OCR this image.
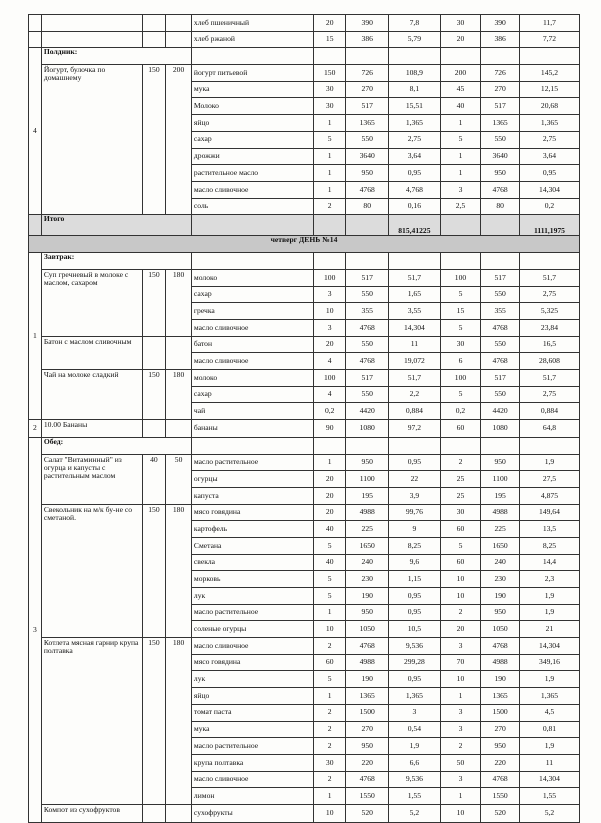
				хлеб пшеничный	20	390	7,8	30	390	11,7
				хлеб ржаной	15	386	5,79	20	386	7,72
4	Полдник:									
	Йогурт, булочка по домашнему	150	200	йогурт питьевой	150	726	108,9	200	726	145,2
				мука	30	270	8,1	45	270	12,15
				Молоко	30	517	15,51	40	517	20,68
				яйцо	1	1365	1,365	1	1365	1,365
				сахар	5	550	2,75	5	550	2,75
				дрожжи	1	3640	3,64	1	3640	3,64
				растительное масло	1	950	0,95	1	950	0,95
				масло сливочное	1	4768	4,768	3	4768	14,304
				соль	2	80	0,16	2,5	80	0,2
	Итого						815,41225			1111,1975
четверг ДЕНЬ №14										
1	Завтрак:									
	Суп гречневый в молоке с маслом, сахаром	150	180	молоко	100	517	51,7	100	517	51,7
				сахар	3	550	1,65	5	550	2,75
				гречка	10	355	3,55	15	355	5,325
				масло сливочное	3	4768	14,304	5	4768	23,84
	Батон с маслом сливочным			батон	20	550	11	30	550	16,5
				масло сливочное	4	4768	19,072	6	4768	28,608
	Чай на молоке сладкий	150	180	молоко	100	517	51,7	100	517	51,7
				сахар	4	550	2,2	5	550	2,75
				чай	0,2	4420	0,884	0,2	4420	0,884
2	10.00 Бананы			бананы	90	1080	97,2	60	1080	64,8
3	Обед:									
	Салат "Витаминный" из огурца и капусты с растительным маслом	40	50	масло растительное	1	950	0,95	2	950	1,9
				огурцы	20	1100	22	25	1100	27,5
				капуста	20	195	3,9	25	195	4,875
	Свекольник на м/к бу-не со сметаной.	150	180	мясо говядина	20	4988	99,76	30	4988	149,64
				картофель	40	225	9	60	225	13,5
				Сметана	5	1650	8,25	5	1650	8,25
				свекла	40	240	9,6	60	240	14,4
				морковь	5	230	1,15	10	230	2,3
				лук	5	190	0,95	10	190	1,9
				масло растительное	1	950	0,95	2	950	1,9
				соленые огурцы	10	1050	10,5	20	1050	21
	Котлета мясная гарнир крупа полтавка	150	180	масло сливочное	2	4768	9,536	3	4768	14,304
				мясо говядина	60	4988	299,28	70	4988	349,16
				лук	5	190	0,95	10	190	1,9
				яйцо	1	1365	1,365	1	1365	1,365
				томат паста	2	1500	3	3	1500	4,5
				мука	2	270	0,54	3	270	0,81
				масло растительное	2	950	1,9	2	950	1,9
				крупа полтавка	30	220	6,6	50	220	11
				масло сливочное	2	4768	9,536	3	4768	14,304
				лимон	1	1550	1,55	1	1550	1,55
	Компот из сухофруктов			сухофрукты	10	520	5,2	10	520	5,2
